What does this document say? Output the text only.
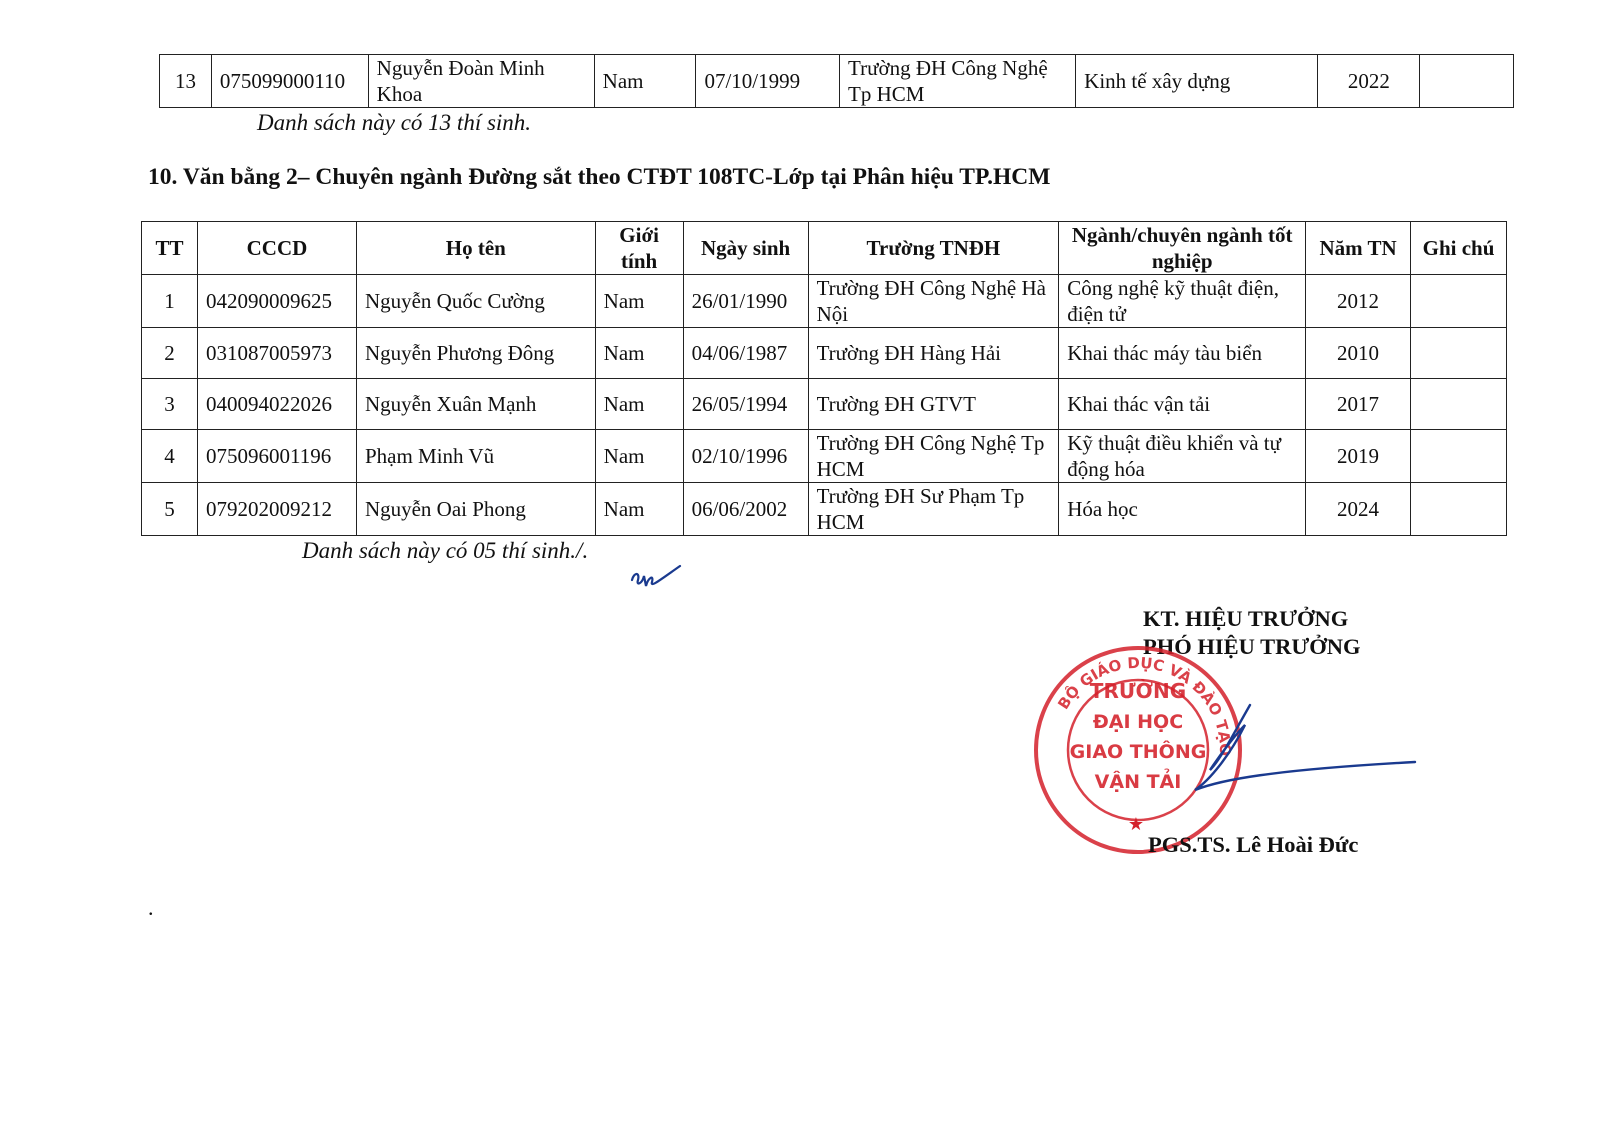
13	075099000110	Nguyễn Đoàn Minh Khoa	Nam	07/10/1999	Trường ĐH Công Nghệ Tp HCM	Kinh tế xây dựng	2022	
Danh sách này có 13 thí sinh.
10. Văn bằng 2– Chuyên ngành Đường sắt theo CTĐT 108TC-Lớp tại Phân hiệu TP.HCM
TT	CCCD	Họ tên	Giới tính	Ngày sinh	Trường TNĐH	Ngành/chuyên ngành tốt nghiệp	Năm TN	Ghi chú
1	042090009625	Nguyễn Quốc Cường	Nam	26/01/1990	Trường ĐH Công Nghệ Hà Nội	Công nghệ kỹ thuật điện, điện tử	2012	
2	031087005973	Nguyễn Phương Đông	Nam	04/06/1987	Trường ĐH Hàng Hải	Khai thác máy tàu biển	2010	
3	040094022026	Nguyễn Xuân Mạnh	Nam	26/05/1994	Trường ĐH GTVT	Khai thác vận tải	2017	
4	075096001196	Phạm Minh Vũ	Nam	02/10/1996	Trường ĐH Công Nghệ Tp HCM	Kỹ thuật điều khiển và tự động hóa	2019	
5	079202009212	Nguyễn Oai Phong	Nam	06/06/2002	Trường ĐH Sư Phạm Tp HCM	Hóa học	2024	
Danh sách này có 05 thí sinh./.
KT. HIỆU TRƯỞNG
PHÓ HIỆU TRƯỞNG
BỘ GIÁO DỤC VÀ ĐÀO TẠO
TRƯỜNG
ĐẠI HỌC
GIAO THÔNG
VẬN TẢI
★
PGS.TS. Lê Hoài Đức
.
